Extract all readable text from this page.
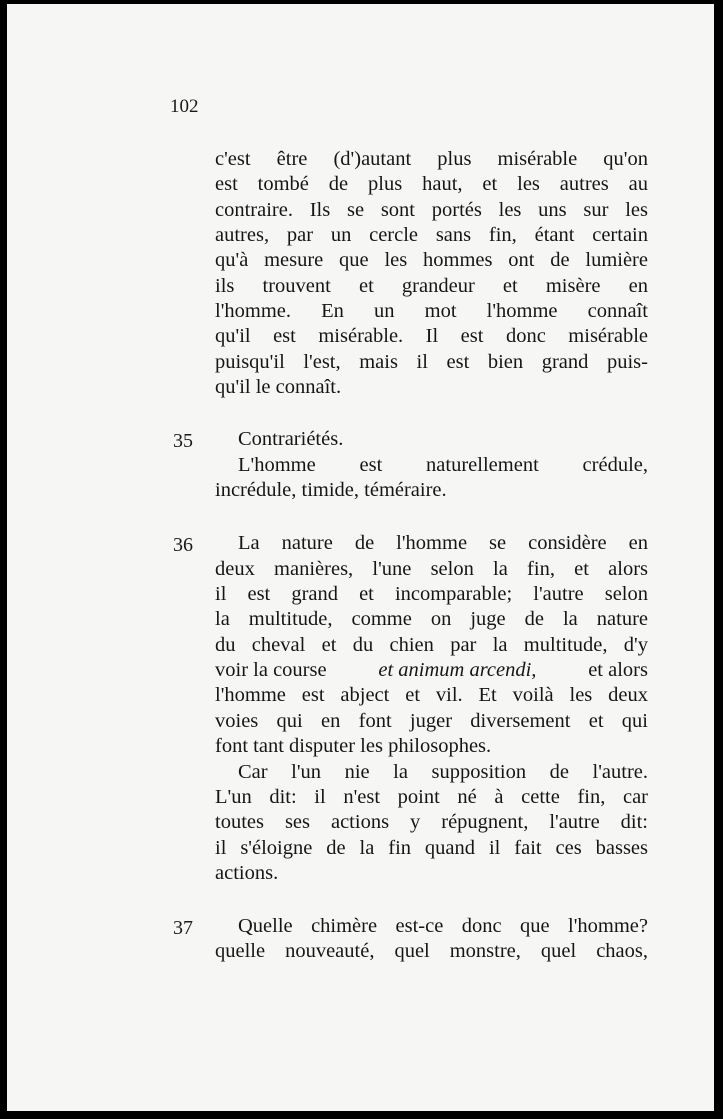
102
c'est être (d')autant plus misérable qu'on
est tombé de plus haut, et les autres au
contraire. Ils se sont portés les uns sur les
autres, par un cercle sans fin, étant certain
qu'à mesure que les hommes ont de lumière
ils trouvent et grandeur et misère en
l'homme. En un mot l'homme connaît
qu'il est misérable. Il est donc misérable
puisqu'il l'est, mais il est bien grand puis-
qu'il le connaît.
35 Contrariétés.
L'homme est naturellement crédule,
incrédule, timide, téméraire.
36 La nature de l'homme se considère en
deux manières, l'une selon la fin, et alors
il est grand et incomparable; l'autre selon
la multitude, comme on juge de la nature
du cheval et du chien par la multitude, d'y
voir la course	et animum arcendi,	et alors
l'homme est abject et vil. Et voilà les deux
voies qui en font juger diversement et qui
font tant disputer les philosophes.
Car l'un nie la supposition de l'autre.
L'un dit: il n'est point né à cette fin, car
toutes ses actions y répugnent, l'autre dit:
il s'éloigne de la fin quand il fait ces basses
actions.
37 Quelle chimère est-ce donc que l'homme?
quelle nouveauté, quel monstre, quel chaos,
